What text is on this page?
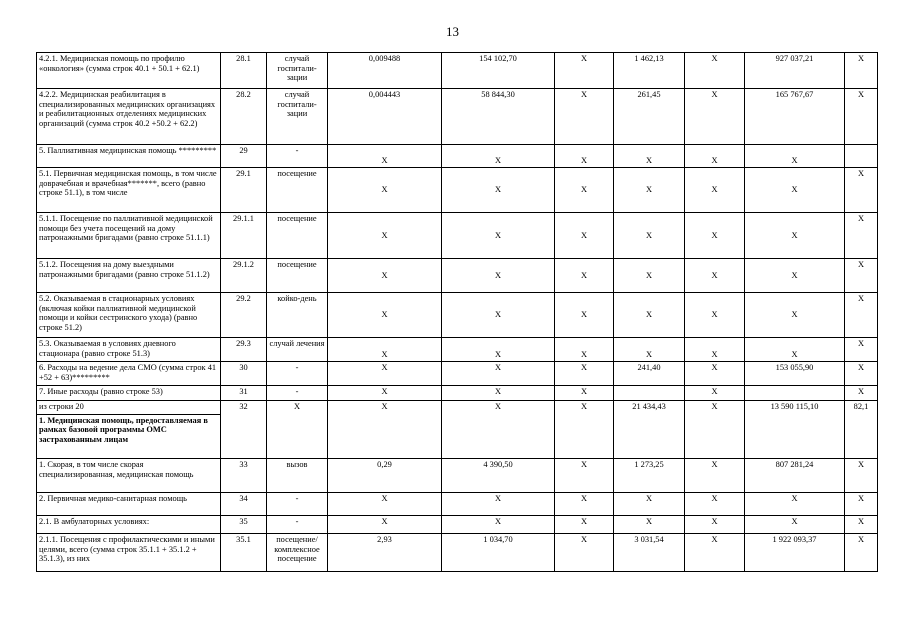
13
4.2.1. Медицинская помощь по профилю «онкология» (сумма строк 40.1 + 50.1 + 62.1)	28.1	случай госпитали-зации	0,009488	154 102,70	Х	1 462,13	Х	927 037,21	Х
4.2.2. Медицинская реабилитация в специализированных медицинских организациях и реабилитационных отделениях медицинских организаций (сумма строк 40.2 +50.2 + 62.2)	28.2	случай госпитали-зации	0,004443	58 844,30	Х	261,45	Х	165 767,67	Х
5. Паллиативная медицинская помощь *********	29	-	Х	Х	Х	Х	Х	Х	
5.1. Первичная медицинская помощь, в том числе доврачебная и врачебная*******, всего (равно строке 51.1), в том числе	29.1	посещение	Х	Х	Х	Х	Х	Х	Х
5.1.1. Посещение по паллиативной медицинской помощи без учета посещений на дому патронажными бригадами (равно строке 51.1.1)	29.1.1	посещение	Х	Х	Х	Х	Х	Х	Х
5.1.2. Посещения на дому выездными патронажными бригадами (равно строке 51.1.2)	29.1.2	посещение	Х	Х	Х	Х	Х	Х	Х
5.2. Оказываемая в стационарных условиях (включая койки паллиативной медицинской помощи и койки сестринского ухода) (равно строке 51.2)	29.2	койко-день	Х	Х	Х	Х	Х	Х	Х
5.3. Оказываемая в условиях дневного стационара (равно строке 51.3)	29.3	случай лечения	Х	Х	Х	Х	Х	Х	Х
6. Расходы на ведение дела СМО (сумма строк 41 +52 + 63)*********	30	-	Х	Х	Х	241,40	Х	153 055,90	Х
7. Иные расходы (равно строке 53)	31	-	Х	Х	Х		Х		Х

из строки 20
1. Медицинская помощь, предоставляемая в рамках базовой программы ОМС застрахованным лицам	32	Х	Х	Х	Х	21 434,43	Х	13 590 115,10	82,1
1. Скорая, в том числе скорая специализированная, медицинская помощь	33	вызов	0,29	4 390,50	Х	1 273,25	Х	807 281,24	Х
2. Первичная медико-санитарная помощь	34	-	Х	Х	Х	Х	Х	Х	Х
2.1. В амбулаторных условиях:	35	-	Х	Х	Х	Х	Х	Х	Х
2.1.1. Посещения с профилактическими и иными целями, всего (сумма строк 35.1.1 + 35.1.2 + 35.1.3), из них	35.1	посещение/ комплексное посещение	2,93	1 034,70	Х	3 031,54	Х	1 922 093,37	Х
